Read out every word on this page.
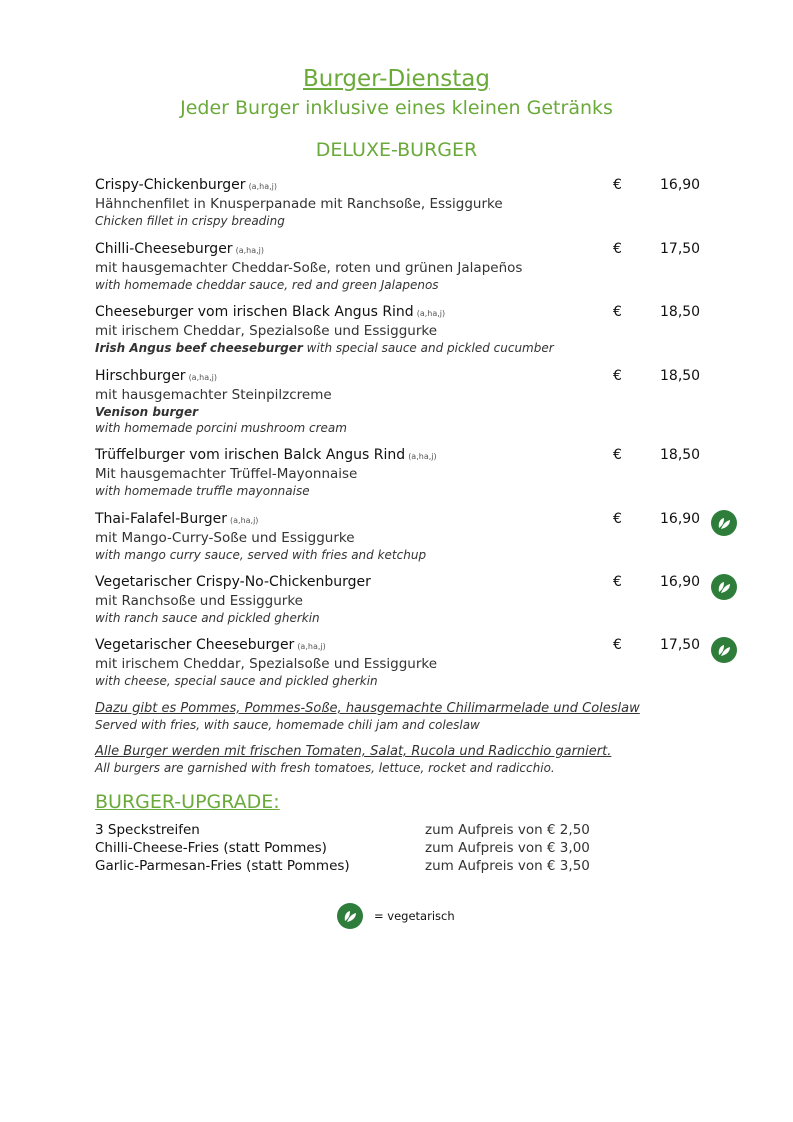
Burger-Dienstag
Jeder Burger inklusive eines kleinen Getränks
DELUXE-BURGER
Crispy-Chickenburger (a,ha,j)
Hähnchenfilet in Knusperpanade mit Ranchsoße, Essiggurke
Chicken fillet in crispy breading
€	16,90
Chilli-Cheeseburger (a,ha,j)
mit hausgemachter Cheddar-Soße, roten und grünen Jalapeños
with homemade cheddar sauce, red and green Jalapenos
€	17,50
Cheeseburger vom irischen Black Angus Rind (a,ha,j)
mit irischem Cheddar, Spezialsoße und Essiggurke
Irish Angus beef cheeseburger with special sauce and pickled cucumber
€	18,50
Hirschburger (a,ha,j)
mit hausgemachter Steinpilzcreme
Venison burger
with homemade porcini mushroom cream
€	18,50
Trüffelburger vom irischen Balck Angus Rind (a,ha,j)
Mit hausgemachter Trüffel-Mayonnaise
with homemade truffle mayonnaise
€	18,50
Thai-Falafel-Burger (a,ha,j)
mit Mango-Curry-Soße und Essiggurke
with mango curry sauce, served with fries and ketchup
€	16,90
Vegetarischer Crispy-No-Chickenburger
mit Ranchsoße und Essiggurke
with ranch sauce and pickled gherkin
€	16,90
Vegetarischer Cheeseburger (a,ha,j)
mit irischem Cheddar, Spezialsoße und Essiggurke
with cheese, special sauce and pickled gherkin
€	17,50
Dazu gibt es Pommes, Pommes-Soße, hausgemachte Chilimarmelade und Coleslaw
Served with fries, with sauce, homemade chili jam and coleslaw
Alle Burger werden mit frischen Tomaten, Salat, Rucola und Radicchio garniert.
All burgers are garnished with fresh tomatoes, lettuce, rocket and radicchio.
BURGER-UPGRADE:
3 Speckstreifen	zum Aufpreis von € 2,50
Chilli-Cheese-Fries (statt Pommes)	zum Aufpreis von € 3,00
Garlic-Parmesan-Fries (statt Pommes)	zum Aufpreis von € 3,50
= vegetarisch
